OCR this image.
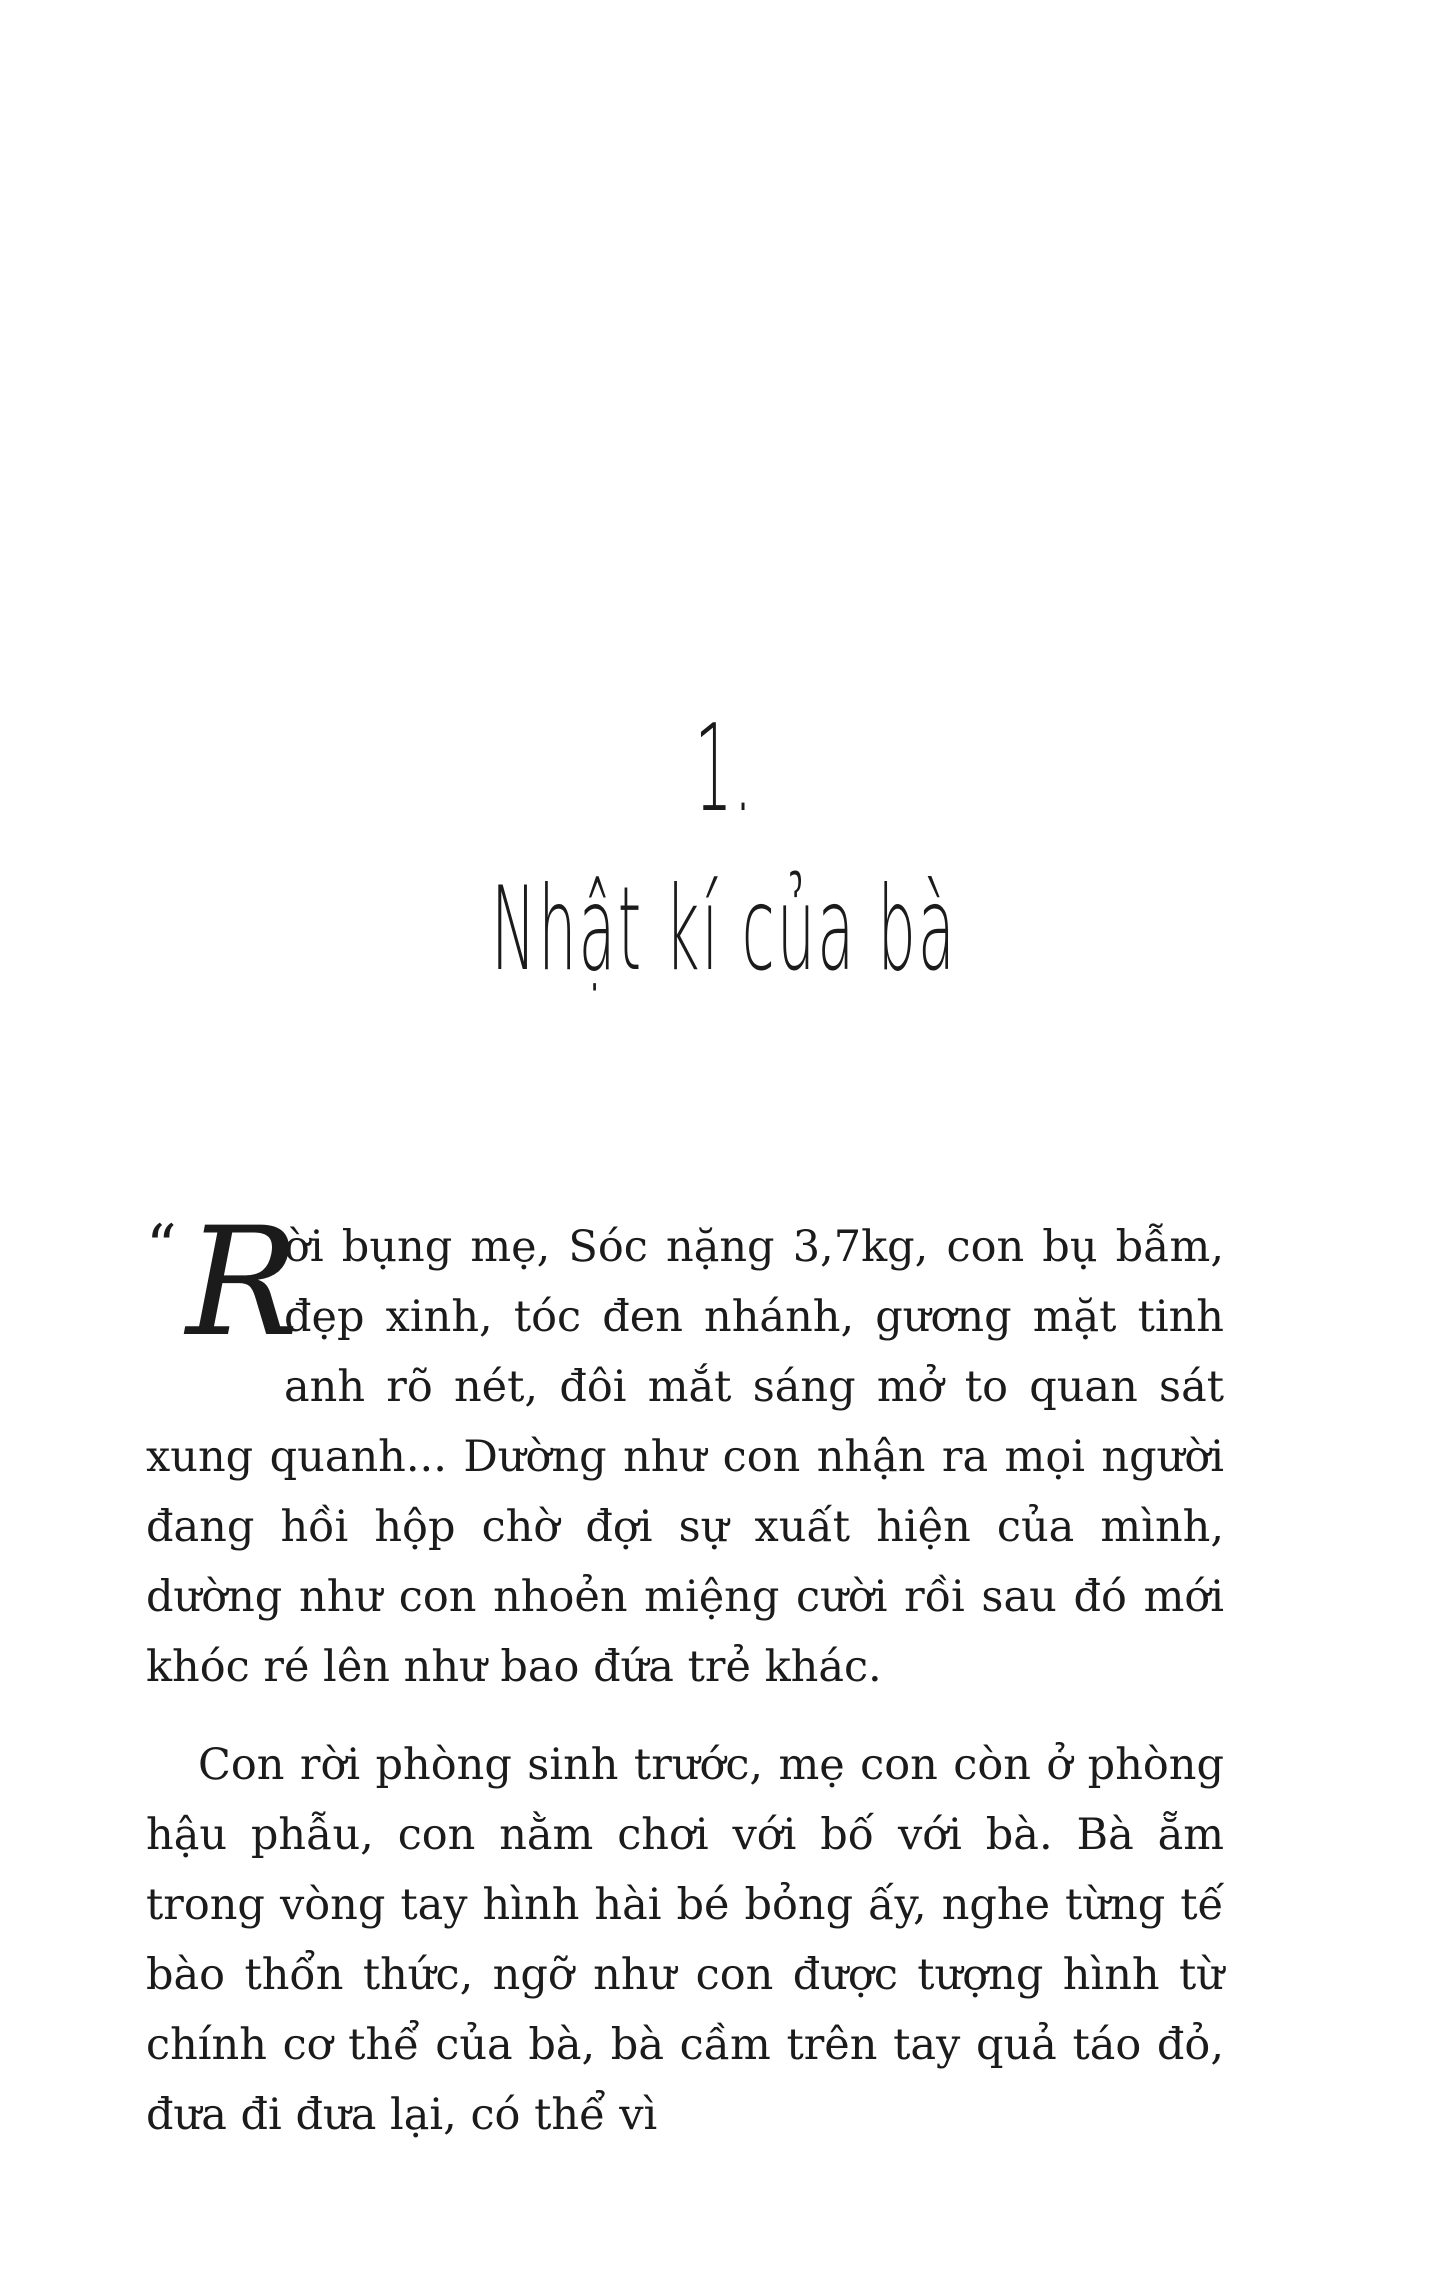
1.
Nhật kí của bà

“ R
ời bụng mẹ, Sóc nặng 3,7kg, con bụ bẫm, đẹp xinh, tóc đen nhánh, gương mặt tinh anh rõ nét, đôi mắt sáng mở to quan sát xung quanh... Dường như con nhận ra mọi người đang hồi hộp chờ đợi sự xuất hiện của mình, dường như con nhoẻn miệng cười rồi sau đó mới khóc ré lên như bao đứa trẻ khác.

Con rời phòng sinh trước, mẹ con còn ở phòng hậu phẫu, con nằm chơi với bố với bà. Bà ẵm trong vòng tay hình hài bé bỏng ấy, nghe từng tế bào thổn thức, ngỡ như con được tượng hình từ chính cơ thể của bà, bà cầm trên tay quả táo đỏ, đưa đi đưa lại, có thể vì
